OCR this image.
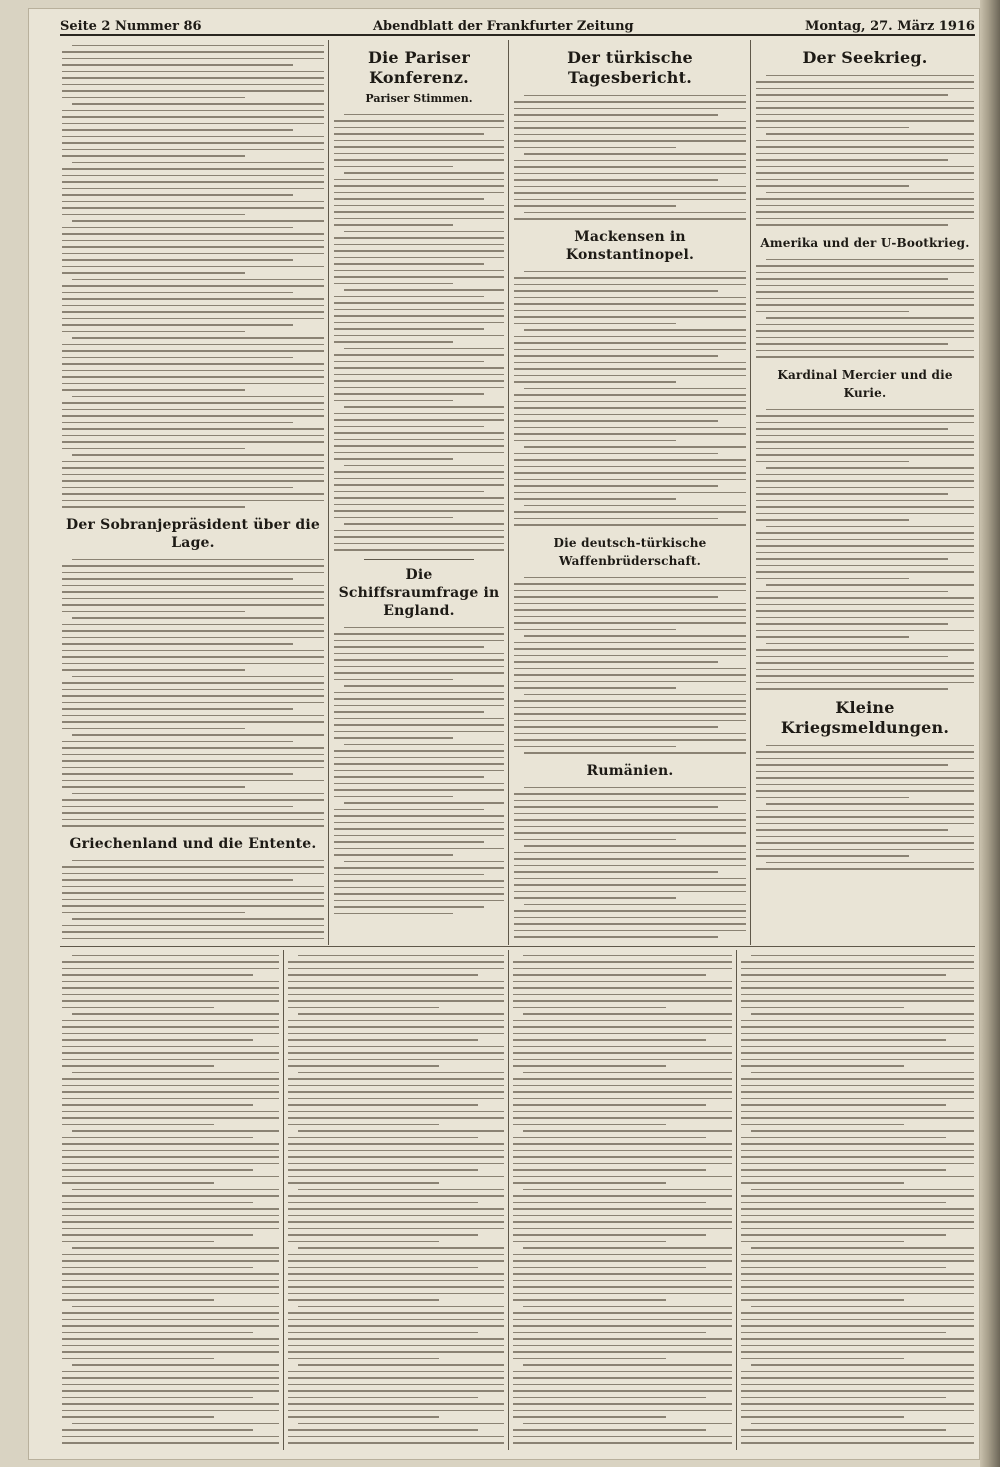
Seite 2 Nummer 86	Abendblatt der Frankfurter Zeitung	Montag, 27. März 1916
Der Sobranjepräsident über die Lage.
Griechenland und die Entente.
Die Pariser Konferenz.
Pariser Stimmen.
Die Schiffsraumfrage in England.
Der türkische Tagesbericht.
Mackensen in Konstantinopel.
Die deutsch-türkische Waffenbrüderschaft.
Rumänien.
Der Seekrieg.
Amerika und der U-Bootkrieg.
Kardinal Mercier und die Kurie.
Kleine Kriegsmeldungen.
